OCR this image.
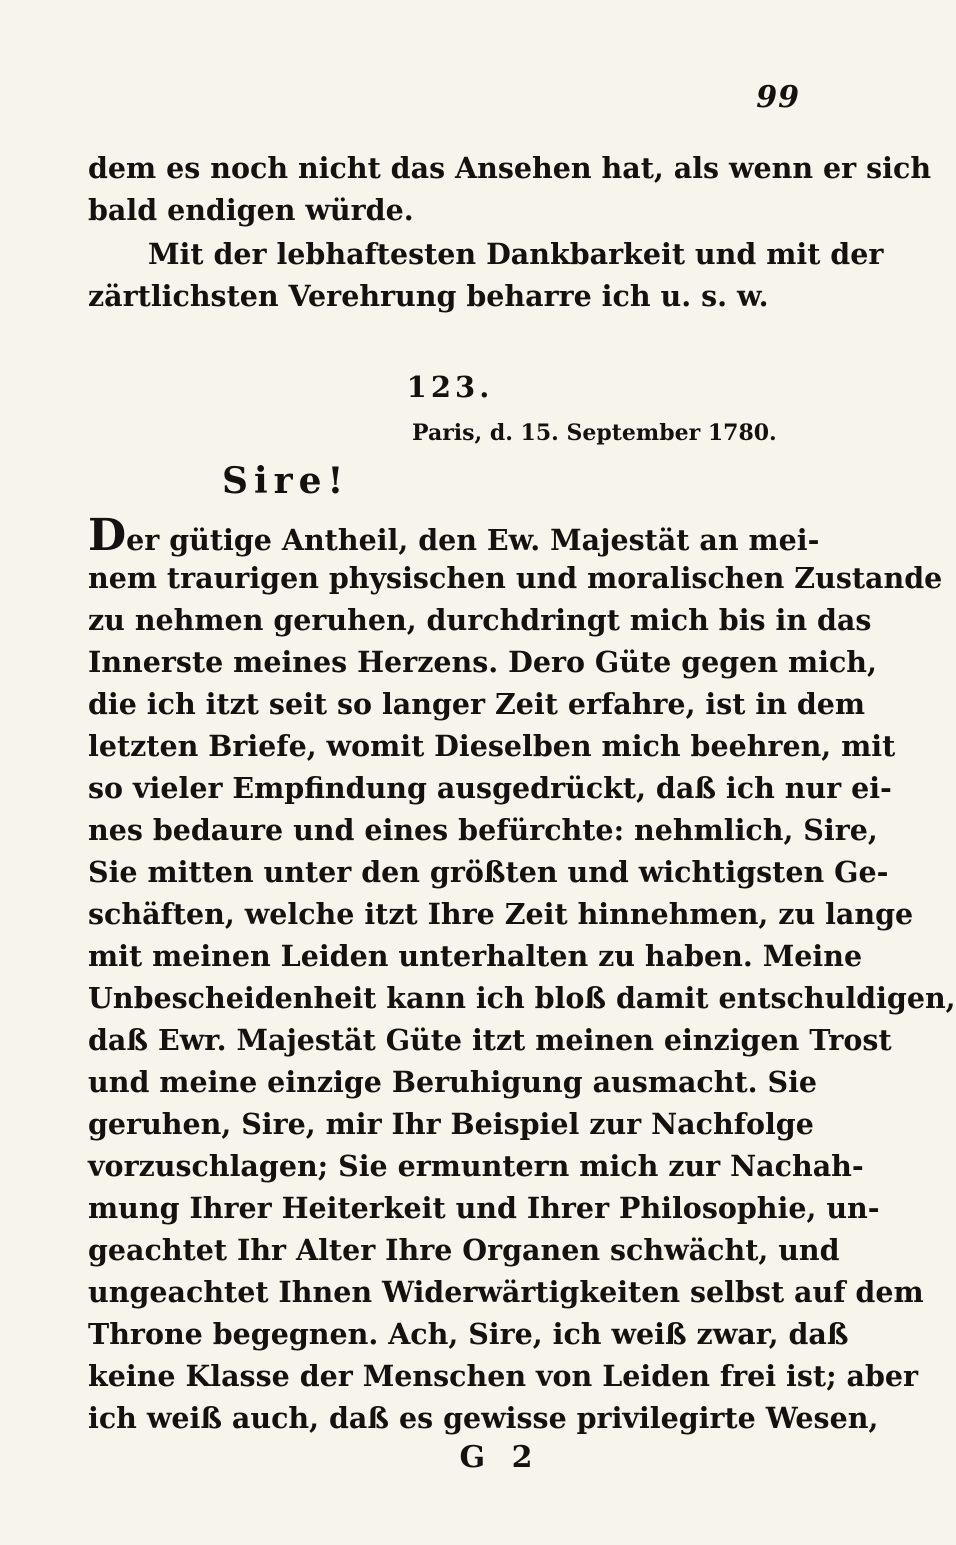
99

dem es noch nicht das Ansehen hat, als wenn er sich

bald endigen würde.

Mit der lebhaftesten Dankbarkeit und mit der

zärtlichsten Verehrung beharre ich u. s. w.

123.
Paris, d. 15. September 1780.
Sire!

Der gütige Antheil, den Ew. Majestät an mei-

nem traurigen physischen und moralischen Zustande

zu nehmen geruhen, durchdringt mich bis in das

Innerste meines Herzens. Dero Güte gegen mich,

die ich itzt seit so langer Zeit erfahre, ist in dem

letzten Briefe, womit Dieselben mich beehren, mit

so vieler Empfindung ausgedrückt, daß ich nur ei-

nes bedaure und eines befürchte: nehmlich, Sire,

Sie mitten unter den größten und wichtigsten Ge-

schäften, welche itzt Ihre Zeit hinnehmen, zu lange

mit meinen Leiden unterhalten zu haben. Meine

Unbescheidenheit kann ich bloß damit entschuldigen,

daß Ewr. Majestät Güte itzt meinen einzigen Trost

und meine einzige Beruhigung ausmacht. Sie

geruhen, Sire, mir Ihr Beispiel zur Nachfolge

vorzuschlagen; Sie ermuntern mich zur Nachah-

mung Ihrer Heiterkeit und Ihrer Philosophie, un-

geachtet Ihr Alter Ihre Organen schwächt, und

ungeachtet Ihnen Widerwärtigkeiten selbst auf dem

Throne begegnen. Ach, Sire, ich weiß zwar, daß

keine Klasse der Menschen von Leiden frei ist; aber

ich weiß auch, daß es gewisse privilegirte Wesen,

G 2
